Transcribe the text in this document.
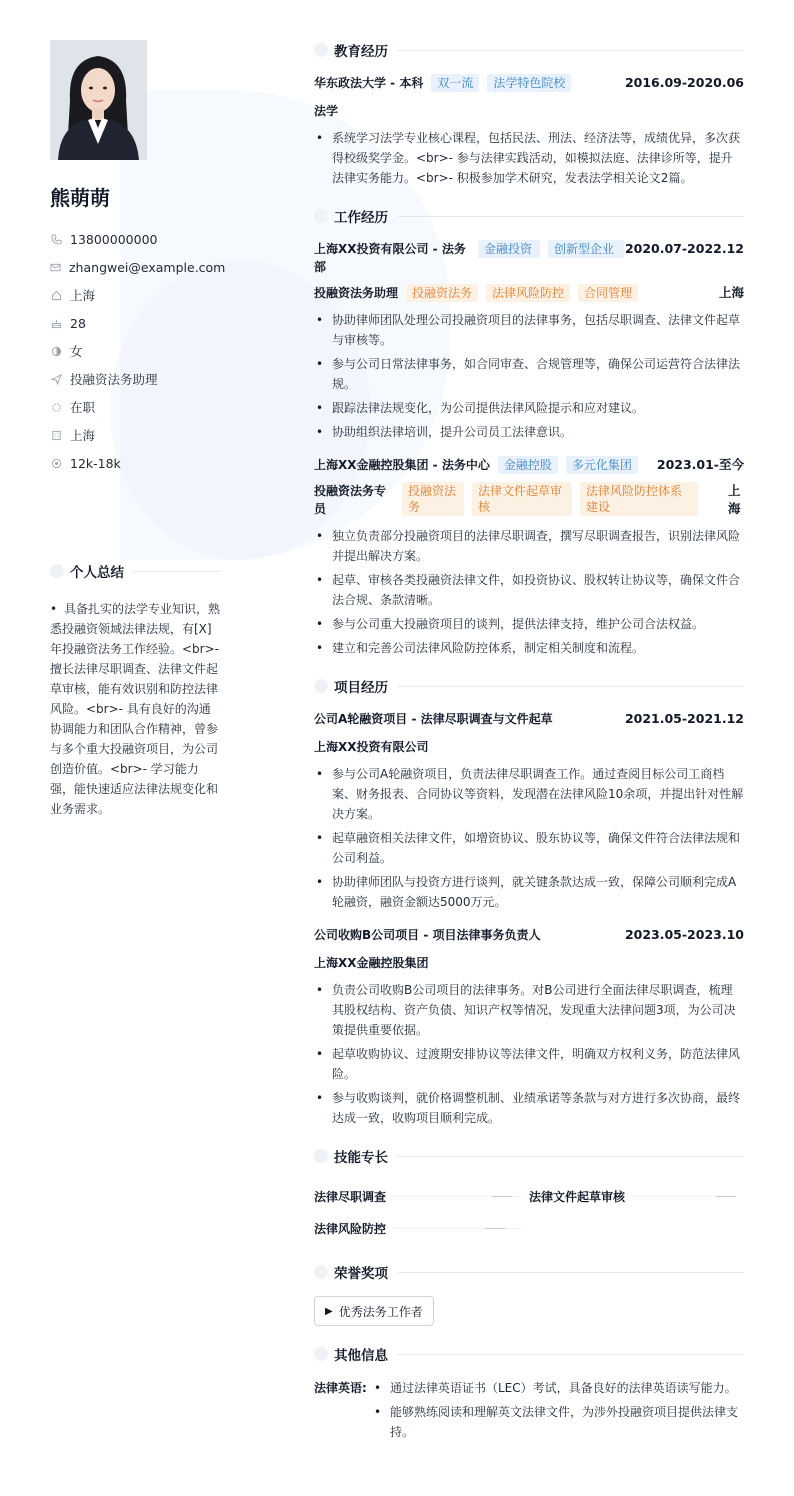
熊萌萌
13800000000
zhangwei@example.com
上海
28
女
投融资法务助理
在职
上海
12k-18k
个人总结
• 具备扎实的法学专业知识，熟悉投融资领域法律法规，有[X]年投融资法务工作经验。<br>- 擅长法律尽职调查、法律文件起草审核，能有效识别和防控法律风险。<br>- 具有良好的沟通协调能力和团队合作精神，曾参与多个重大投融资项目，为公司创造价值。<br>- 学习能力强，能快速适应法律法规变化和业务需求。
教育经历
华东政法大学 - 本科	双一流	法学特色院校	2016.09-2020.06
法学
• 系统学习法学专业核心课程，包括民法、刑法、经济法等，成绩优异，多次获得校级奖学金。<br>- 参与法律实践活动，如模拟法庭、法律诊所等，提升法律实务能力。<br>- 积极参加学术研究，发表法学相关论文2篇。
工作经历
上海XX投资有限公司 - 法务部
金融投资	创新型企业 2020.07-2022.12
投融资法务助理	投融资法务	法律风险防控	合同管理	上海
• 协助律师团队处理公司投融资项目的法律事务，包括尽职调查、法律文件起草与审核等。
• 参与公司日常法律事务，如合同审查、合规管理等，确保公司运营符合法律法规。
• 跟踪法律法规变化，为公司提供法律风险提示和应对建议。
• 协助组织法律培训，提升公司员工法律意识。
上海XX金融控股集团 - 法务中心	金融控股	多元化集团	2023.01-至今
投融资法务专员
投融资法务
法律文件起草审核
法律风险防控体系建设
上海
• 独立负责部分投融资项目的法律尽职调查，撰写尽职调查报告，识别法律风险并提出解决方案。
• 起草、审核各类投融资法律文件，如投资协议、股权转让协议等，确保文件合法合规、条款清晰。
• 参与公司重大投融资项目的谈判，提供法律支持，维护公司合法权益。
• 建立和完善公司法律风险防控体系，制定相关制度和流程。
项目经历
公司A轮融资项目 - 法律尽职调查与文件起草	2021.05-2021.12
上海XX投资有限公司
• 参与公司A轮融资项目，负责法律尽职调查工作。通过查阅目标公司工商档案、财务报表、合同协议等资料，发现潜在法律风险10余项，并提出针对性解决方案。
• 起草融资相关法律文件，如增资协议、股东协议等，确保文件符合法律法规和公司利益。
• 协助律师团队与投资方进行谈判，就关键条款达成一致，保障公司顺利完成A轮融资，融资金额达5000万元。
公司收购B公司项目 - 项目法律事务负责人	2023.05-2023.10
上海XX金融控股集团
• 负责公司收购B公司项目的法律事务。对B公司进行全面法律尽职调查，梳理其股权结构、资产负债、知识产权等情况，发现重大法律问题3项，为公司决策提供重要依据。
• 起草收购协议、过渡期安排协议等法律文件，明确双方权利义务，防范法律风险。
• 参与收购谈判，就价格调整机制、业绩承诺等条款与对方进行多次协商，最终达成一致，收购项目顺利完成。
技能专长
法律尽职调查	法律文件起草审核
法律风险防控
荣誉奖项
▶ 优秀法务工作者
其他信息
法律英语:
•	通过法律英语证书（LEC）考试，具备良好的法律英语读写能力。
• 能够熟练阅读和理解英文法律文件，为涉外投融资项目提供法律支持。
